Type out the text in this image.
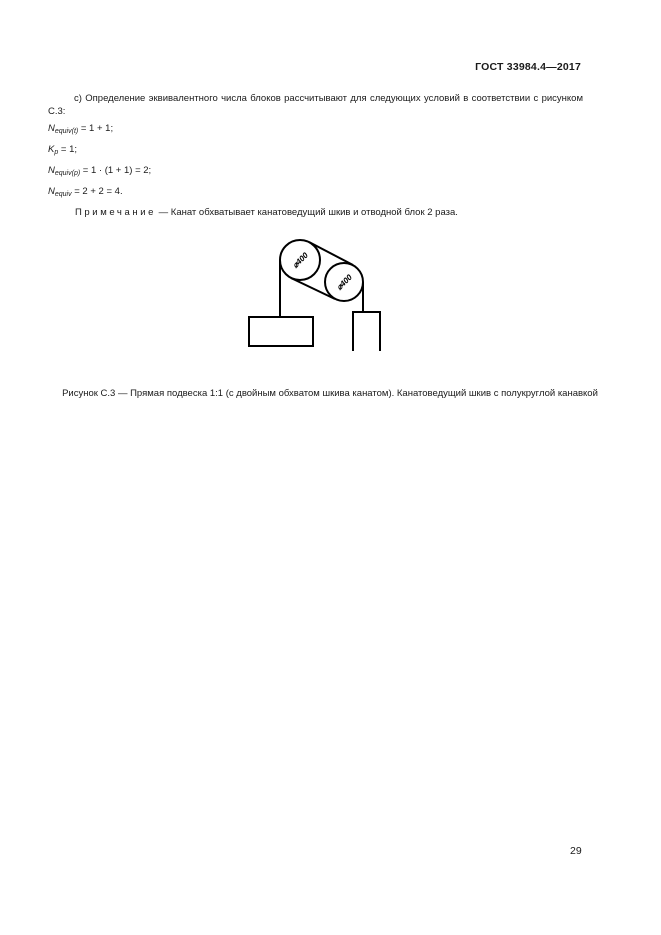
ГОСТ 33984.4—2017
с) Определение эквивалентного числа блоков рассчитывают для следующих условий в соответствии с рисунком С.3:
$N_{equiv(t)} = 1 + 1$;
$K_p = 1$;
$N_{equiv(p)} = 1 \cdot (1 + 1) = 2$;
$N_{equiv} = 2 + 2 = 4$.
Примечание — Канат обхватывает канатоведущий шкив и отводной блок 2 раза.
⌀400
⌀400
Рисунок С.3 — Прямая подвеска 1:1 (с двойным обхватом шкива канатом). Канатоведущий шкив с полукруглой канавкой
29
